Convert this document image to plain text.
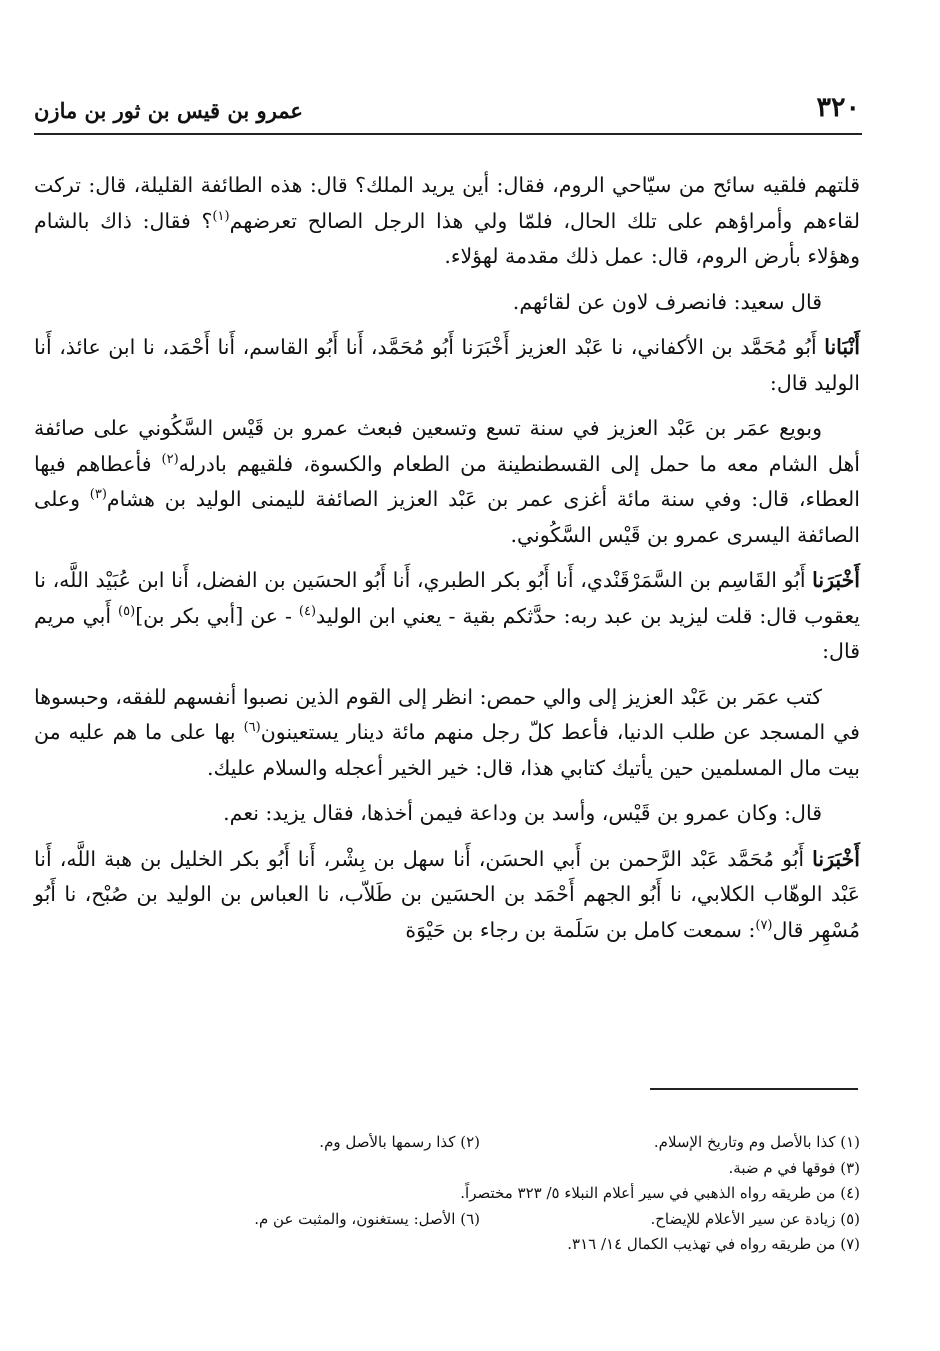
٣٢٠
عمرو بن قيس بن ثور بن مازن

قلتهم فلقيه سائح من سيّاحي الروم، فقال: أين يريد الملك؟ قال: هذه الطائفة القليلة، قال: تركت لقاءهم وأمراؤهم على تلك الحال، فلمّا ولي هذا الرجل الصالح تعرضهم$^{(١)}$؟ فقال: ذاك بالشام وهؤلاء بأرض الروم، قال: عمل ذلك مقدمة لهؤلاء.

قال سعيد: فانصرف لاون عن لقائهم.

أَنْبَانا أَبُو مُحَمَّد بن الأكفاني، نا عَبْد العزيز أَخْبَرَنا أَبُو مُحَمَّد، أَنا أَبُو القاسم، أَنا أَحْمَد، نا ابن عائذ، أَنا الوليد قال:

وبويع عمَر بن عَبْد العزيز في سنة تسع وتسعين فبعث عمرو بن قَيْس السَّكُوني على صائفة أهل الشام معه ما حمل إلى القسطنطينة من الطعام والكسوة، فلقيهم بادرله$^{(٢)}$ فأعطاهم فيها العطاء، قال: وفي سنة مائة أغزى عمر بن عَبْد العزيز الصائفة لليمنى الوليد بن هشام$^{(٣)}$ وعلى الصائفة اليسرى عمرو بن قَيْس السَّكُوني.

أَخْبَرَنا أَبُو القَاسِم بن السَّمَرْقَنْدي، أَنا أَبُو بكر الطبري، أَنا أَبُو الحسَين بن الفضل، أَنا ابن عُبَيْد اللَّه، نا يعقوب قال: قلت ليزيد بن عبد ربه: حدَّثكم بقية - يعني ابن الوليد$^{(٤)}$ - عن [أبي بكر بن]$^{(٥)}$ أَبي مريم قال:

كتب عمَر بن عَبْد العزيز إلى والي حمص: انظر إلى القوم الذين نصبوا أنفسهم للفقه، وحبسوها في المسجد عن طلب الدنيا، فأعط كلّ رجل منهم مائة دينار يستعينون$^{(٦)}$ بها على ما هم عليه من بيت مال المسلمين حين يأتيك كتابي هذا، قال: خير الخير أعجله والسلام عليك.

قال: وكان عمرو بن قَيْس، وأسد بن وداعة فيمن أخذها، فقال يزيد: نعم.

أَخْبَرَنا أَبُو مُحَمَّد عَبْد الرَّحمن بن أَبي الحسَن، أَنا سهل بن بِشْر، أَنا أَبُو بكر الخليل بن هبة اللَّه، أَنا عَبْد الوهّاب الكلابي، نا أَبُو الجهم أَحْمَد بن الحسَين بن طَلاّب، نا العباس بن الوليد بن صُبْح، نا أَبُو مُسْهِر قال$^{(٧)}$: سمعت كامل بن سَلَمة بن رجاء بن حَيْوَة

(١) كذا بالأصل وم وتاريخ الإسلام.
(٢) كذا رسمها بالأصل وم.
(٣) فوقها في م ضبة.
(٤) من طريقه رواه الذهبي في سير أعلام النبلاء ٥/ ٣٢٣ مختصراً.
(٥) زيادة عن سير الأعلام للإيضاح.
(٦) الأصل: يستغنون، والمثبت عن م.
(٧) من طريقه رواه في تهذيب الكمال ١٤/ ٣١٦.
